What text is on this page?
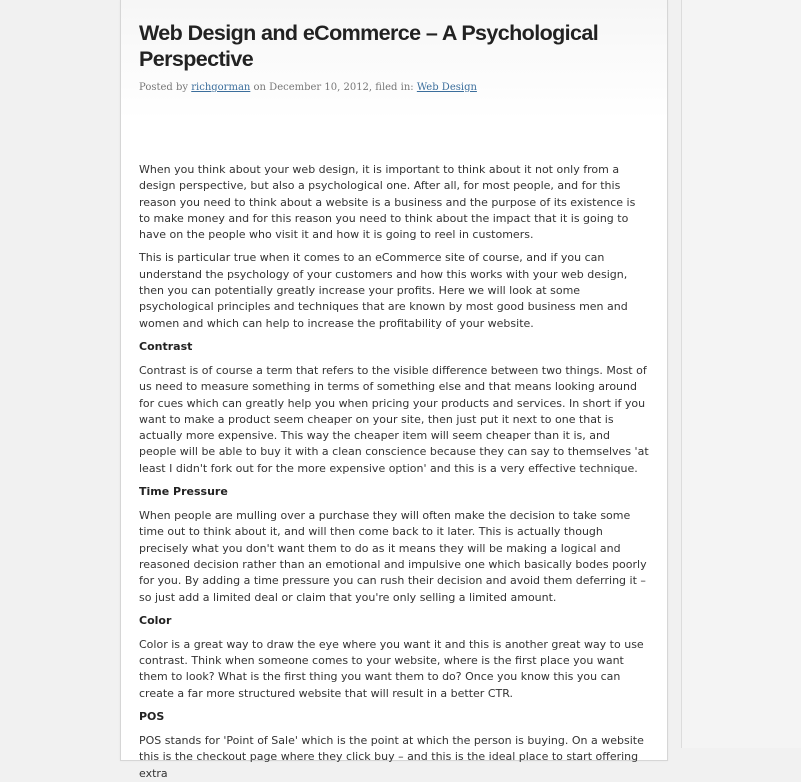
Web Design and eCommerce – A Psychological Perspective
Posted by richgorman on December 10, 2012, filed in: Web Design

When you think about your web design, it is important to think about it not only from a design perspective, but also a psychological one. After all, for most people, and for this reason you need to think about a website is a business and the purpose of its existence is to make money and for this reason you need to think about the impact that it is going to have on the people who visit it and how it is going to reel in customers.

This is particular true when it comes to an eCommerce site of course, and if you can understand the psychology of your customers and how this works with your web design, then you can potentially greatly increase your profits. Here we will look at some psychological principles and techniques that are known by most good business men and women and which can help to increase the profitability of your website.

Contrast

Contrast is of course a term that refers to the visible difference between two things. Most of us need to measure something in terms of something else and that means looking around for cues which can greatly help you when pricing your products and services. In short if you want to make a product seem cheaper on your site, then just put it next to one that is actually more expensive. This way the cheaper item will seem cheaper than it is, and people will be able to buy it with a clean conscience because they can say to themselves 'at least I didn't fork out for the more expensive option' and this is a very effective technique.

Time Pressure

When people are mulling over a purchase they will often make the decision to take some time out to think about it, and will then come back to it later. This is actually though precisely what you don't want them to do as it means they will be making a logical and reasoned decision rather than an emotional and impulsive one which basically bodes poorly for you. By adding a time pressure you can rush their decision and avoid them deferring it – so just add a limited deal or claim that you're only selling a limited amount.

Color

Color is a great way to draw the eye where you want it and this is another great way to use contrast. Think when someone comes to your website, where is the first place you want them to look? What is the first thing you want them to do? Once you know this you can create a far more structured website that will result in a better CTR.

POS

POS stands for 'Point of Sale' which is the point at which the person is buying. On a website this is the checkout page where they click buy – and this is the ideal place to start offering extra
